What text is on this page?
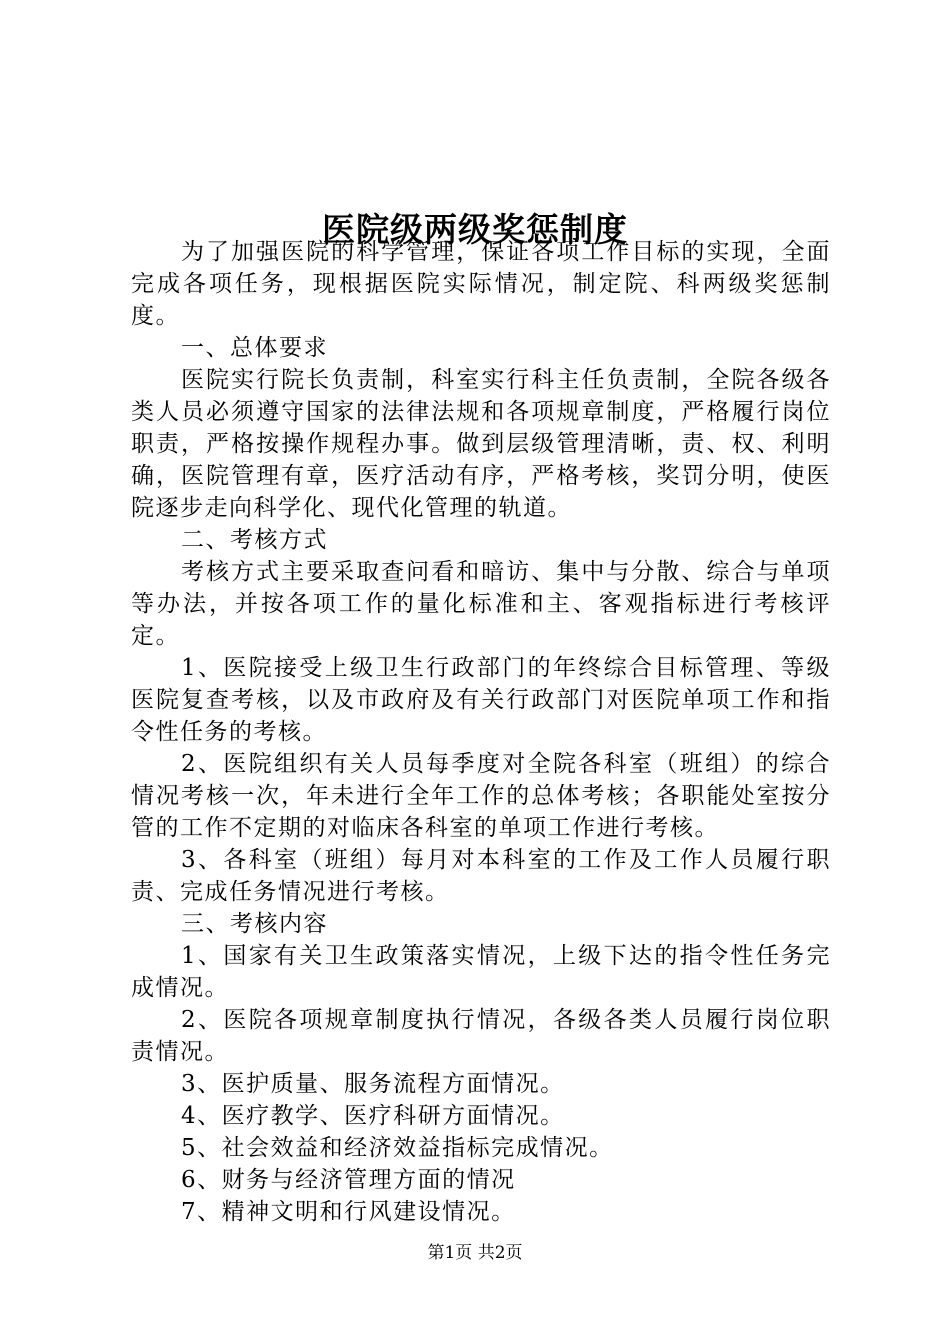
医院级两级奖惩制度

为了加强医院的科学管理，保证各项工作目标的实现，全面完成各项任务，现根据医院实际情况，制定院、科两级奖惩制度。

一、总体要求

医院实行院长负责制，科室实行科主任负责制，全院各级各类人员必须遵守国家的法律法规和各项规章制度，严格履行岗位职责，严格按操作规程办事。做到层级管理清晰，责、权、利明确，医院管理有章，医疗活动有序，严格考核，奖罚分明，使医院逐步走向科学化、现代化管理的轨道。

二、考核方式

考核方式主要采取查问看和暗访、集中与分散、综合与单项等办法，并按各项工作的量化标准和主、客观指标进行考核评定。

1、医院接受上级卫生行政部门的年终综合目标管理、等级医院复查考核，以及市政府及有关行政部门对医院单项工作和指令性任务的考核。

2、医院组织有关人员每季度对全院各科室（班组）的综合情况考核一次，年未进行全年工作的总体考核；各职能处室按分管的工作不定期的对临床各科室的单项工作进行考核。

3、各科室（班组）每月对本科室的工作及工作人员履行职责、完成任务情况进行考核。

三、考核内容

1、国家有关卫生政策落实情况，上级下达的指令性任务完成情况。

2、医院各项规章制度执行情况，各级各类人员履行岗位职责情况。

3、医护质量、服务流程方面情况。

4、医疗教学、医疗科研方面情况。

5、社会效益和经济效益指标完成情况。

6、财务与经济管理方面的情况

7、精神文明和行风建设情况。

第1页 共2页
